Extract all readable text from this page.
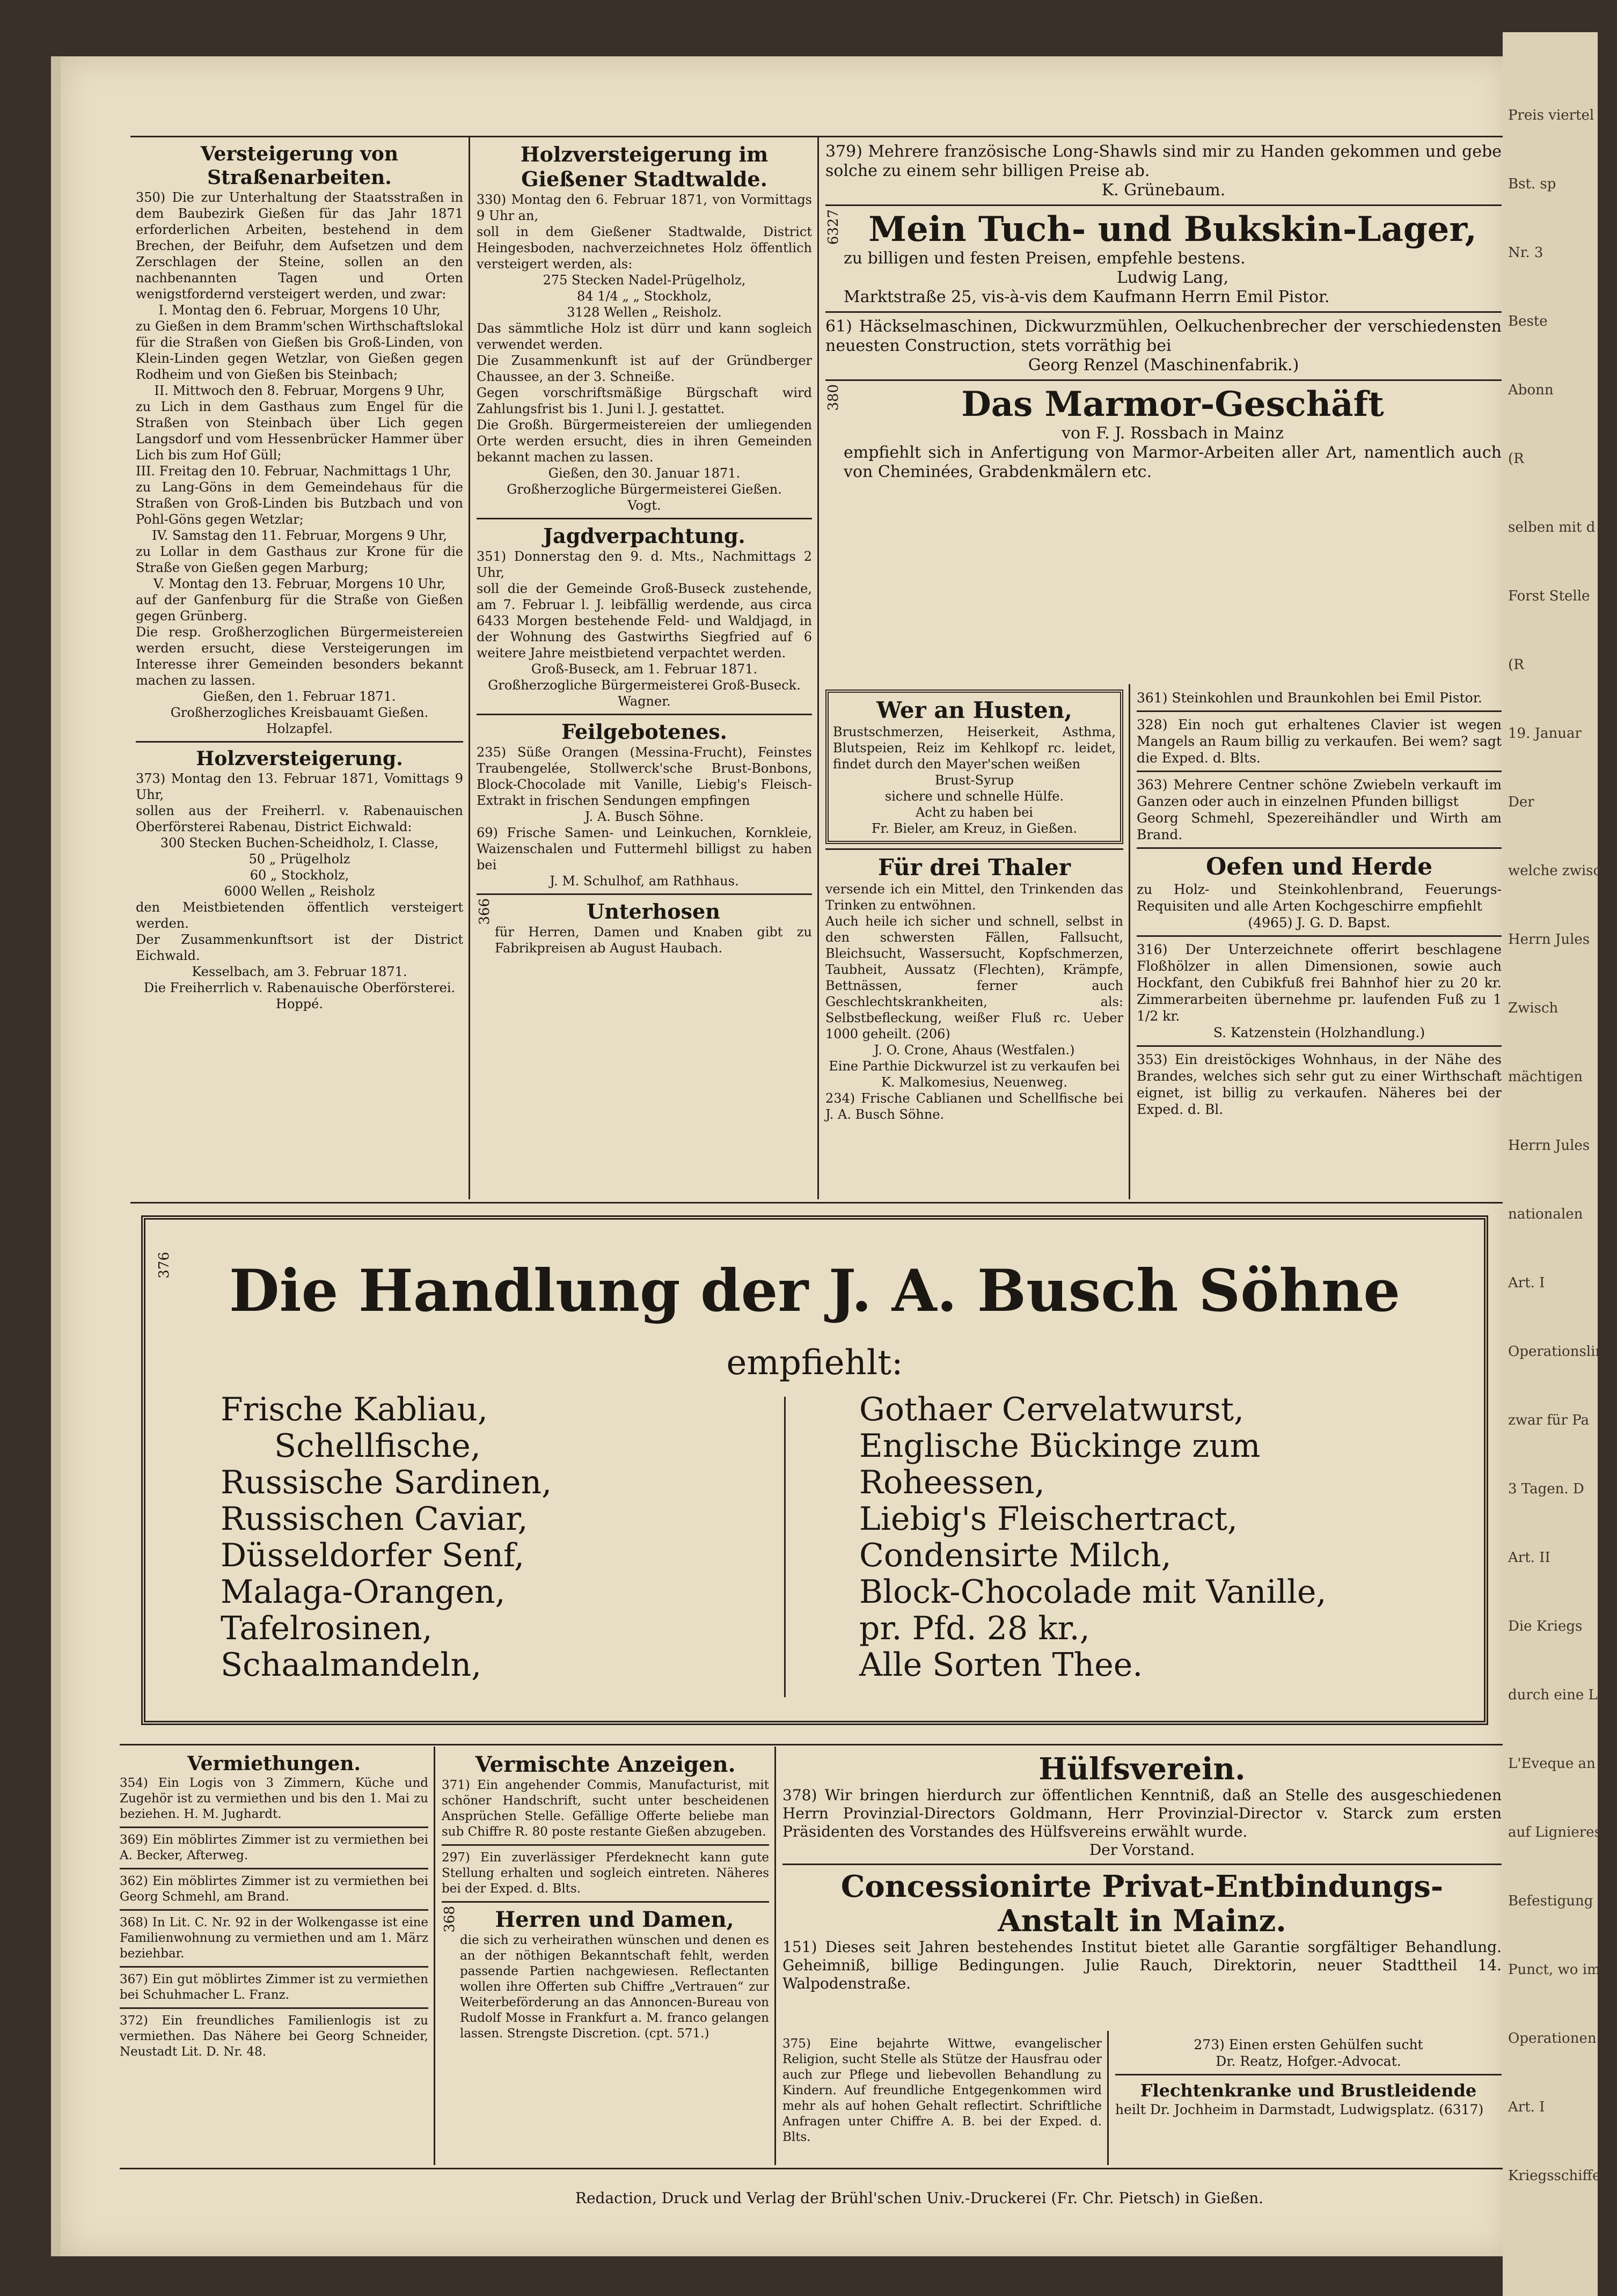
Versteigerung von Straßenarbeiten.

350) Die zur Unterhaltung der Staatsstraßen in dem Baubezirk Gießen für das Jahr 1871 erforderlichen Arbeiten, bestehend in dem Brechen, der Beifuhr, dem Aufsetzen und dem Zerschlagen der Steine, sollen an den nachbenannten Tagen und Orten wenigstfordernd versteigert werden, und zwar:

I. Montag den 6. Februar, Morgens 10 Uhr,

zu Gießen in dem Bramm'schen Wirthschaftslokal für die Straßen von Gießen bis Groß-Linden, von Klein-Linden gegen Wetzlar, von Gießen gegen Rodheim und von Gießen bis Steinbach;

II. Mittwoch den 8. Februar, Morgens 9 Uhr,

zu Lich in dem Gasthaus zum Engel für die Straßen von Steinbach über Lich gegen Langsdorf und vom Hessenbrücker Hammer über Lich bis zum Hof Güll;

III. Freitag den 10. Februar, Nachmittags 1 Uhr,

zu Lang-Göns in dem Gemeindehaus für die Straßen von Groß-Linden bis Butzbach und von Pohl-Göns gegen Wetzlar;

IV. Samstag den 11. Februar, Morgens 9 Uhr,

zu Lollar in dem Gasthaus zur Krone für die Straße von Gießen gegen Marburg;

V. Montag den 13. Februar, Morgens 10 Uhr,

auf der Ganfenburg für die Straße von Gießen gegen Grünberg.

Die resp. Großherzoglichen Bürgermeistereien werden ersucht, diese Versteigerungen im Interesse ihrer Gemeinden besonders bekannt machen zu lassen.

Gießen, den 1. Februar 1871.

Großherzogliches Kreisbauamt Gießen.

Holzapfel.

Holzversteigerung.

373) Montag den 13. Februar 1871, Vomittags 9 Uhr,

sollen aus der Freiherrl. v. Rabenauischen Oberförsterei Rabenau, District Eichwald:

300 Stecken Buchen-Scheidholz, I. Classe,

50 „ Prügelholz

60 „ Stockholz,

6000 Wellen „ Reisholz

den Meistbietenden öffentlich versteigert werden.

Der Zusammenkunftsort ist der District Eichwald.

Kesselbach, am 3. Februar 1871.

Die Freiherrlich v. Rabenauische Oberförsterei.

Hoppé.

Holzversteigerung im Gießener Stadtwalde.

330) Montag den 6. Februar 1871, von Vormittags 9 Uhr an,

soll in dem Gießener Stadtwalde, District Heingesboden, nachverzeichnetes Holz öffentlich versteigert werden, als:

275 Stecken Nadel-Prügelholz,

84 1/4 „ „ Stockholz,

3128 Wellen „ Reisholz.

Das sämmtliche Holz ist dürr und kann sogleich verwendet werden.

Die Zusammenkunft ist auf der Gründberger Chaussee, an der 3. Schneiße.

Gegen vorschriftsmäßige Bürgschaft wird Zahlungsfrist bis 1. Juni l. J. gestattet.

Die Großh. Bürgermeistereien der umliegenden Orte werden ersucht, dies in ihren Gemeinden bekannt machen zu lassen.

Gießen, den 30. Januar 1871.

Großherzogliche Bürgermeisterei Gießen.

Vogt.

Jagdverpachtung.

351) Donnerstag den 9. d. Mts., Nachmittags 2 Uhr,

soll die der Gemeinde Groß-Buseck zustehende, am 7. Februar l. J. leibfällig werdende, aus circa 6433 Morgen bestehende Feld- und Waldjagd, in der Wohnung des Gastwirths Siegfried auf 6 weitere Jahre meistbietend verpachtet werden.

Groß-Buseck, am 1. Februar 1871.

Großherzogliche Bürgermeisterei Groß-Buseck.

Wagner.

Feilgebotenes.

235) Süße Orangen (Messina-Frucht), Feinstes Traubengelée, Stollwerck'sche Brust-Bonbons, Block-Chocolade mit Vanille, Liebig's Fleisch-Extrakt in frischen Sendungen empfingen

J. A. Busch Söhne.

69) Frische Samen- und Leinkuchen, Kornkleie, Waizenschalen und Futtermehl billigst zu haben bei

J. M. Schulhof, am Rathhaus.

366	Unterhosen

für Herren, Damen und Knaben gibt zu Fabrikpreisen ab August Haubach.

379) Mehrere französische Long-Shawls sind mir zu Handen gekommen und gebe solche zu einem sehr billigen Preise ab.

K. Grünebaum.

6327 Mein Tuch- und Bukskin-Lager,

zu billigen und festen Preisen, empfehle bestens.

Ludwig Lang,

Marktstraße 25, vis-à-vis dem Kaufmann Herrn Emil Pistor.

61) Häckselmaschinen, Dickwurzmühlen, Oelkuchenbrecher der verschiedensten neuesten Construction, stets vorräthig bei

Georg Renzel (Maschinenfabrik.)

380	Das Marmor-Geschäft

von F. J. Rossbach in Mainz

empfiehlt sich in Anfertigung von Marmor-Arbeiten aller Art, namentlich auch von Cheminées, Grabdenkmälern etc.

Wer an Husten,

Brustschmerzen, Heiserkeit, Asthma, Blutspeien, Reiz im Kehlkopf rc. leidet, findet durch den Mayer'schen weißen

Brust-Syrup

sichere und schnelle Hülfe.

Acht zu haben bei

Fr. Bieler, am Kreuz, in Gießen.

Für drei Thaler

versende ich ein Mittel, den Trinkenden das Trinken zu entwöhnen.

Auch heile ich sicher und schnell, selbst in den schwersten Fällen, Fallsucht, Bleichsucht, Wassersucht, Kopfschmerzen, Taubheit, Aussatz (Flechten), Krämpfe, Bettnässen, ferner auch Geschlechtskrankheiten, als: Selbstbefleckung, weißer Fluß rc. Ueber 1000 geheilt. (206)

J. O. Crone, Ahaus (Westfalen.)

Eine Parthie Dickwurzel ist zu verkaufen bei

K. Malkomesius, Neuenweg.

234) Frische Cablianen und Schellfische bei J. A. Busch Söhne.

361) Steinkohlen und Braunkohlen bei Emil Pistor.

328) Ein noch gut erhaltenes Clavier ist wegen Mangels an Raum billig zu verkaufen. Bei wem? sagt die Exped. d. Blts.

363) Mehrere Centner schöne Zwiebeln verkauft im Ganzen oder auch in einzelnen Pfunden billigst

Georg Schmehl, Spezereihändler und Wirth am Brand.

Oefen und Herde

zu Holz- und Steinkohlenbrand, Feuerungs-Requisiten und alle Arten Kochgeschirre empfiehlt

(4965) J. G. D. Bapst.

316) Der Unterzeichnete offerirt beschlagene Floßhölzer in allen Dimensionen, sowie auch Hockfant, den Cubikfuß frei Bahnhof hier zu 20 kr. Zimmerarbeiten übernehme pr. laufenden Fuß zu 1 1/2 kr.

S. Katzenstein (Holzhandlung.)

353) Ein dreistöckiges Wohnhaus, in der Nähe des Brandes, welches sich sehr gut zu einer Wirthschaft eignet, ist billig zu verkaufen. Näheres bei der Exped. d. Bl.

376 Die Handlung der J. A. Busch Söhne
empfiehlt:
Frische Kabliau,
Schellfische,
Russische Sardinen,
Russischen Caviar,
Düsseldorfer Senf,
Malaga-Orangen,
Tafelrosinen,
Schaalmandeln,
Gothaer Cervelatwurst,
Englische Bückinge zum Roheessen,
Liebig's Fleischertract,
Condensirte Milch,
Block-Chocolade mit Vanille,
pr. Pfd. 28 kr.,
Alle Sorten Thee.
Vermiethungen.

354) Ein Logis von 3 Zimmern, Küche und Zugehör ist zu vermiethen und bis den 1. Mai zu beziehen. H. M. Jughardt.

369) Ein möblirtes Zimmer ist zu vermiethen bei A. Becker, Afterweg.

362) Ein möblirtes Zimmer ist zu vermiethen bei Georg Schmehl, am Brand.

368) In Lit. C. Nr. 92 in der Wolkengasse ist eine Familienwohnung zu vermiethen und am 1. März beziehbar.

367) Ein gut möblirtes Zimmer ist zu vermiethen bei Schuhmacher L. Franz.

372) Ein freundliches Familienlogis ist zu vermiethen. Das Nähere bei Georg Schneider, Neustadt Lit. D. Nr. 48.

Vermischte Anzeigen.

371) Ein angehender Commis, Manufacturist, mit schöner Handschrift, sucht unter bescheidenen Ansprüchen Stelle. Gefällige Offerte beliebe man sub Chiffre R. 80 poste restante Gießen abzugeben.

297) Ein zuverlässiger Pferdeknecht kann gute Stellung erhalten und sogleich eintreten. Näheres bei der Exped. d. Blts.

368	Herren und Damen,

die sich zu verheirathen wünschen und denen es an der nöthigen Bekanntschaft fehlt, werden passende Partien nachgewiesen. Reflectanten wollen ihre Offerten sub Chiffre „Vertrauen“ zur Weiterbeförderung an das Annoncen-Bureau von Rudolf Mosse in Frankfurt a. M. franco gelangen lassen. Strengste Discretion. (cpt. 571.)

Hülfsverein.

378) Wir bringen hierdurch zur öffentlichen Kenntniß, daß an Stelle des ausgeschiedenen Herrn Provinzial-Directors Goldmann, Herr Provinzial-Director v. Starck zum ersten Präsidenten des Vorstandes des Hülfsvereins erwählt wurde.

Der Vorstand.

Concessionirte Privat-Entbindungs-Anstalt in Mainz.

151) Dieses seit Jahren bestehendes Institut bietet alle Garantie sorgfältiger Behandlung. Geheimniß, billige Bedingungen. Julie Rauch, Direktorin, neuer Stadttheil 14. Walpodenstraße.

375) Eine bejahrte Wittwe, evangelischer Religion, sucht Stelle als Stütze der Hausfrau oder auch zur Pflege und liebevollen Behandlung zu Kindern. Auf freundliche Entgegenkommen wird mehr als auf hohen Gehalt reflectirt. Schriftliche Anfragen unter Chiffre A. B. bei der Exped. d. Blts.

273) Einen ersten Gehülfen sucht

Dr. Reatz, Hofger.-Advocat.

Flechtenkranke und Brustleidende

heilt Dr. Jochheim in Darmstadt, Ludwigsplatz. (6317)

Redaction, Druck und Verlag der Brühl'schen Univ.-Druckerei (Fr. Chr. Pietsch) in Gießen.
Preis viertel
Bst. sp
Nr. 3
Beste
Abonn
(R
selben mit d
Forst Stelle
(R
19. Januar
Der
welche zwisch
Herrn Jules
Zwisch
mächtigen
Herrn Jules
nationalen
Art. I
Operationslinie
zwar für Pa
3 Tagen. D
Art. II
Die Kriegs
durch eine Li
L'Eveque an
auf Lignieres
Befestigung
Punct, wo im
Operationen
Art. I
Kriegsschiffe
